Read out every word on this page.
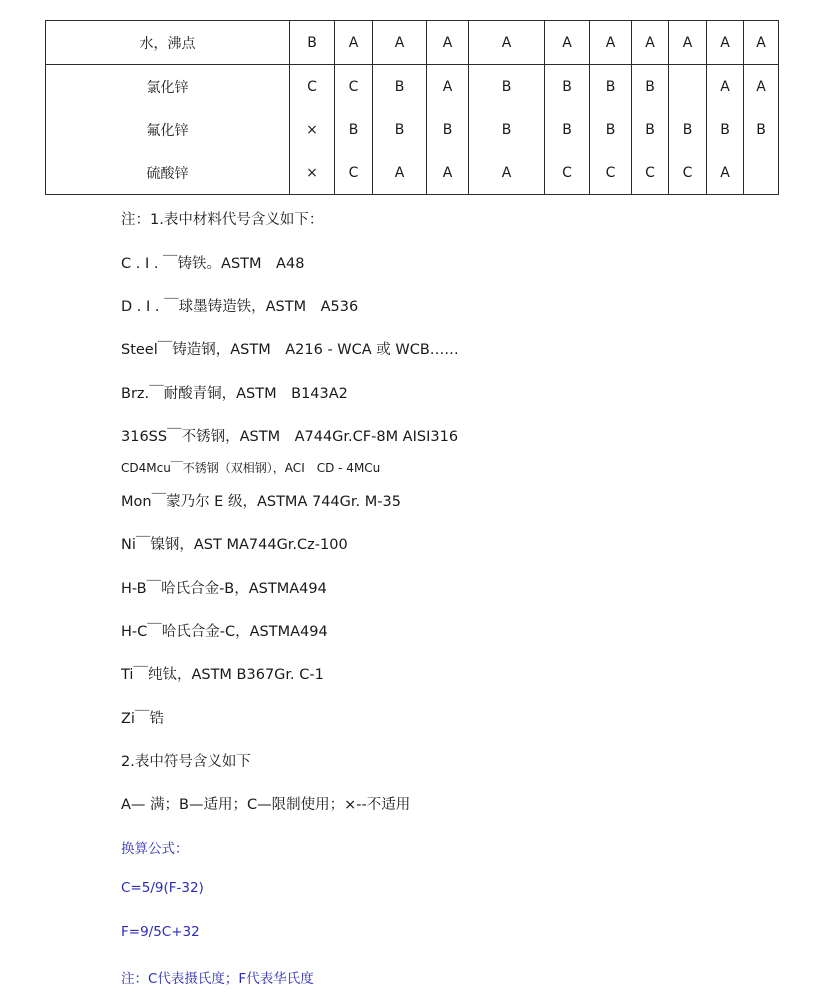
水，沸点	B	A	A	A	A	A	A	A	A	A	A
氯化锌	C	C	B	A	B	B	B	B		A	A
氟化锌	×	B	B	B	B	B	B	B	B	B	B
硫酸锌	×	C	A	A	A	C	C	C	C	A	
注：1.表中材料代号含义如下：
C . I . ￣铸铁。ASTM　A48
D . I . ￣球墨铸造铁，ASTM　A536
Steel￣铸造钢，ASTM　A216 - WCA 或 WCB……
Brz.￣耐酸青铜，ASTM　B143A2
316SS￣不锈钢，ASTM　A744Gr.CF-8M AISI316
CD4Mcu￣不锈钢（双相钢），ACI　CD - 4MCu
Mon￣蒙乃尔 E 级，ASTMA 744Gr. M-35
Ni￣镍钢，AST MA744Gr.Cz-100
H-B￣哈氏合金-B，ASTMA494
H-C￣哈氏合金-C，ASTMA494
Ti￣纯钛，ASTM B367Gr. C-1
Zi￣锆
2.表中符号含义如下
A— 满；B—适用；C—限制使用；×--不适用
换算公式：
C=5/9(F-32)
F=9/5C+32
注：C代表摄氏度；F代表华氏度
